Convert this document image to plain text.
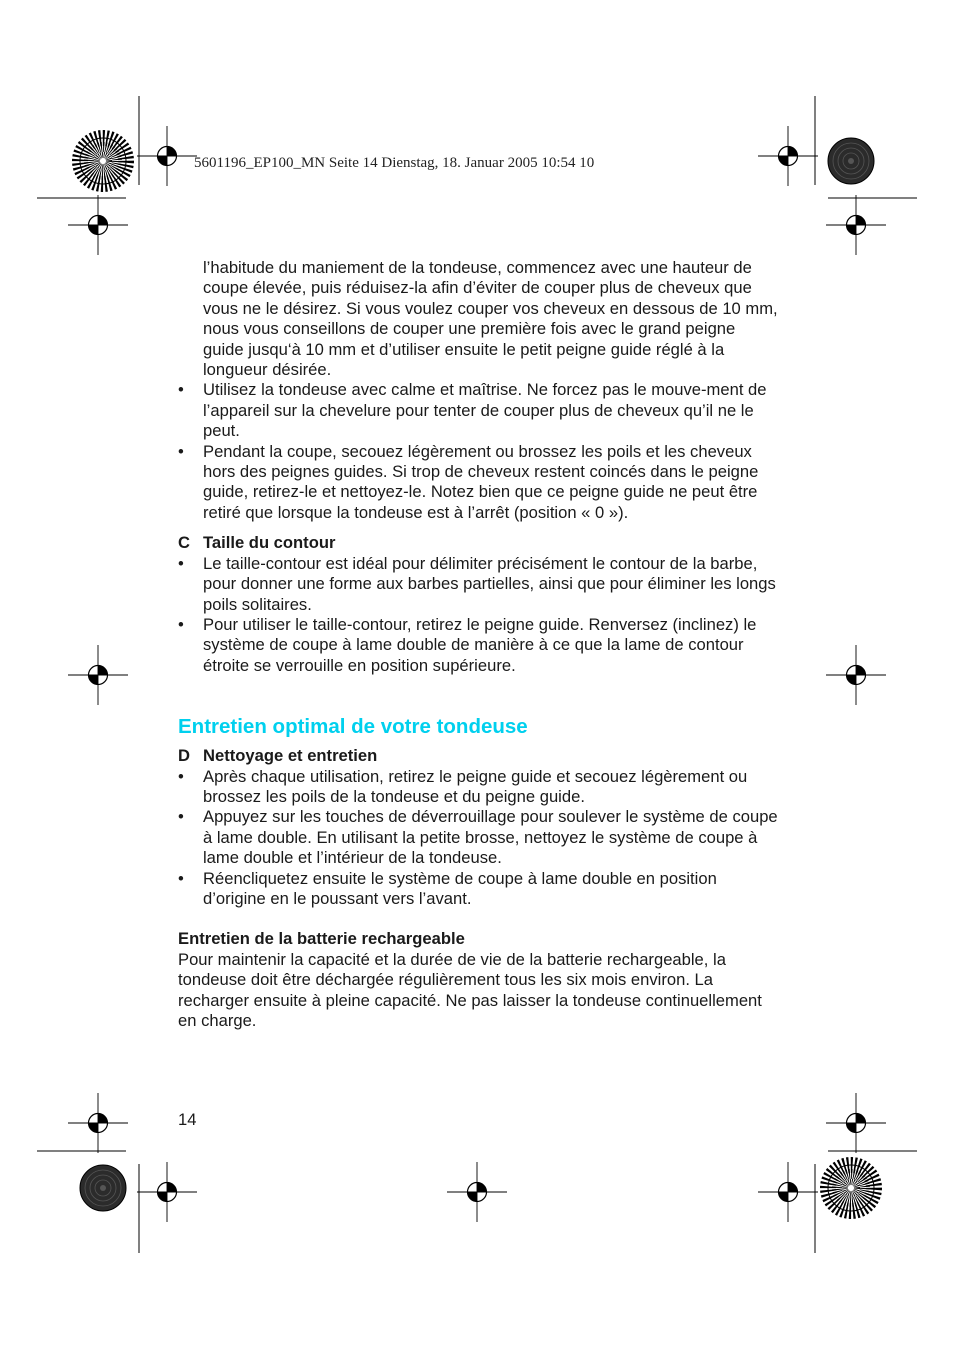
5601196_EP100_MN Seite 14 Dienstag, 18. Januar 2005 10:54 10

l’habitude du maniement de la tondeuse, commencez avec une hauteur de coupe élevée, puis réduisez-la afin d’éviter de couper plus de cheveux que vous ne le désirez. Si vous voulez couper vos cheveux en dessous de 10 mm, nous vous conseillons de couper une première fois avec le grand peigne guide jusqu‘à 10 mm et d’utiliser ensuite le petit peigne guide réglé à la longueur désirée.

•	Utilisez la tondeuse avec calme et maîtrise. Ne forcez pas le mouve-ment de l’appareil sur la chevelure pour tenter de couper plus de cheveux qu’il ne le peut.
•	Pendant la coupe, secouez légèrement ou brossez les poils et les cheveux hors des peignes guides. Si trop de cheveux restent coincés dans le peigne guide, retirez-le et nettoyez-le. Notez bien que ce peigne guide ne peut être retiré que lorsque la tondeuse est à l’arrêt (position « 0 »).

C Taille du contour

•	Le taille-contour est idéal pour délimiter précisément le contour de la barbe, pour donner une forme aux barbes partielles, ainsi que pour éliminer les longs poils solitaires.
•	Pour utiliser le taille-contour, retirez le peigne guide. Renversez (inclinez) le système de coupe à lame double de manière à ce que la lame de contour étroite se verrouille en position supérieure.
Entretien optimal de votre tondeuse

D Nettoyage et entretien

•	Après chaque utilisation, retirez le peigne guide et secouez légèrement ou brossez les poils de la tondeuse et du peigne guide.
•	Appuyez sur les touches de déverrouillage pour soulever le système de coupe à lame double. En utilisant la petite brosse, nettoyez le système de coupe à lame double et l’intérieur de la tondeuse.
•	Réencliquetez ensuite le système de coupe à lame double en position d’origine en le poussant vers l’avant.

Entretien de la batterie rechargeable

Pour maintenir la capacité et la durée de vie de la batterie rechargeable, la tondeuse doit être déchargée régulièrement tous les six mois environ. La recharger ensuite à pleine capacité. Ne pas laisser la tondeuse continuellement en charge.

14
